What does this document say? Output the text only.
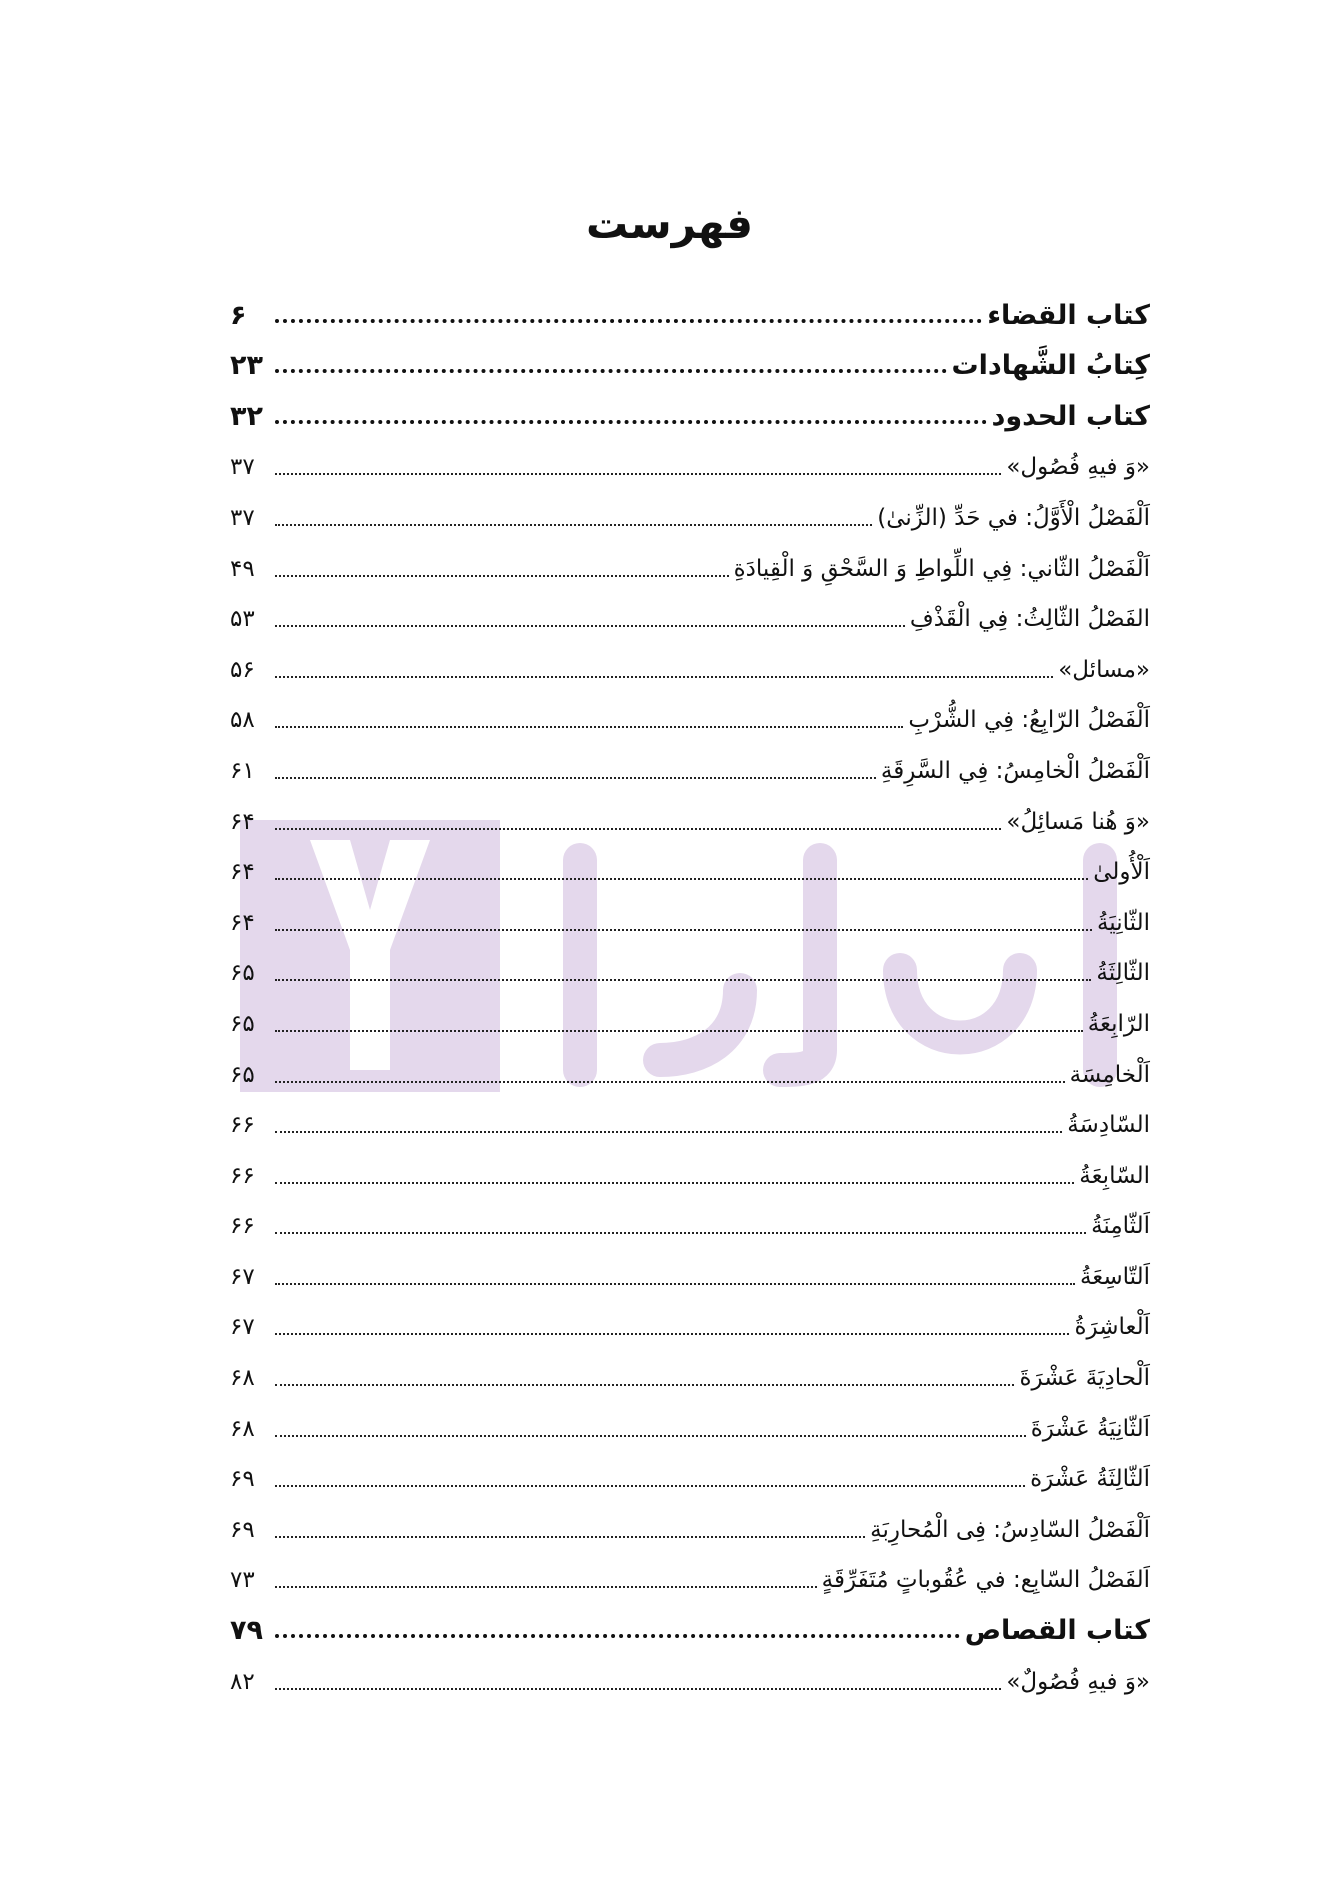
فهرست
كتاب القضاء
۶
كِتابُ الشَّهادات
۲۳
كتاب الحدود
۳۲
«وَ فيهِ فُصُول»
۳۷
اَلْفَصْلُ الْأَوَّلُ: في حَدِّ (الزِّنیٰ)
۳۷
اَلْفَصْلُ الثّاني: فِي اللِّواطِ وَ السَّحْقِ وَ الْقِيادَةِ
۴۹
الفَصْلُ الثّالِثُ: فِي الْقَذْفِ
۵۳
«مسائل»
۵۶
اَلْفَصْلُ الرّابِعُ: فِي الشُّرْبِ
۵۸
اَلْفَصْلُ الْخامِسُ: فِي السَّرِقَةِ
۶۱
«وَ هُنا مَسائِلُ»
۶۴
اَلْأُولیٰ
۶۴
الثّانِيَةُ
۶۴
الثّالِثَةُ
۶۵
الرّابِعَةُ
۶۵
اَلْخامِسَة
۶۵
السّادِسَةُ
۶۶
السّابِعَةُ
۶۶
اَلثّامِنَةُ
۶۶
اَلتّاسِعَةُ
۶۷
اَلْعاشِرَةُ
۶۷
اَلْحادِيَةَ عَشْرَةَ
۶۸
اَلثّانِيَةُ عَشْرَةَ
۶۸
اَلثّالِثَةُ عَشْرَة
۶۹
اَلْفَصْلُ السّادِسُ: فِی الْمُحارِبَةِ
۶۹
اَلفَصْلُ السّابِع: في عُقُوباتٍ مُتَفَرِّقَةٍ
۷۳
كتاب القصاص
۷۹
«وَ فيهِ فُصُولٌ»
۸۲
